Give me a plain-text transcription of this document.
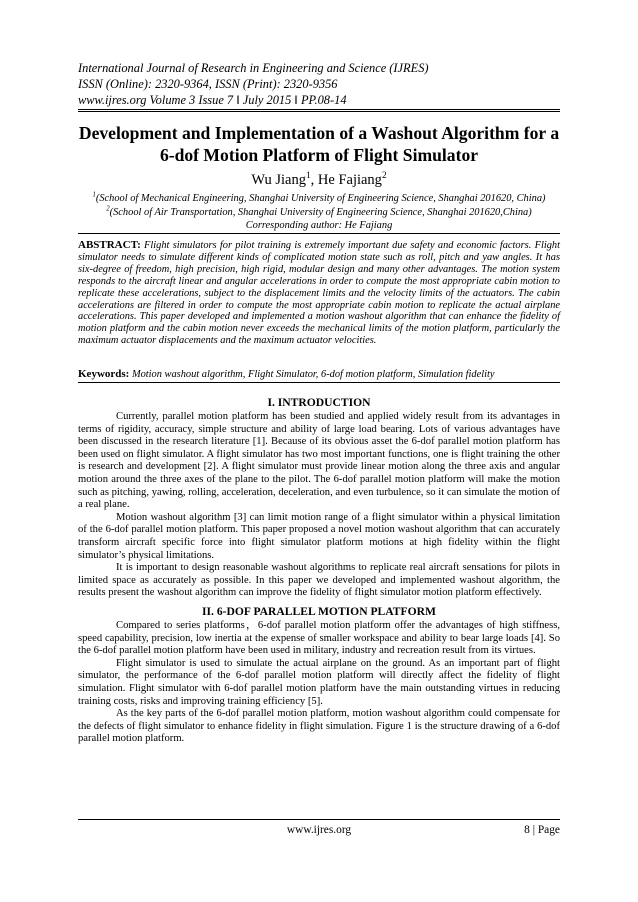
International Journal of Research in Engineering and Science (IJRES)
ISSN (Online): 2320-9364, ISSN (Print): 2320-9356
www.ijres.org Volume 3 Issue 7 ǁ July 2015 ǁ PP.08-14
Development and Implementation of a Washout Algorithm for a
6-dof Motion Platform of Flight Simulator
Wu Jiang$^1$, He Fajiang$^2$
$^1$(School of Mechanical Engineering, Shanghai University of Engineering Science, Shanghai 201620, China)
$^2$(School of Air Transportation, Shanghai University of Engineering Science, Shanghai 201620,China)
Corresponding author: He Fajiang
ABSTRACT: Flight simulators for pilot training is extremely important due safety and economic factors. Flight simulator needs to simulate different kinds of complicated motion state such as roll, pitch and yaw angles. It has six-degree of freedom, high precision, high rigid, modular design and many other advantages. The motion system responds to the aircraft linear and angular accelerations in order to compute the most appropriate cabin motion to replicate these accelerations, subject to the displacement limits and the velocity limits of the actuators. The cabin accelerations are filtered in order to compute the most appropriate cabin motion to replicate the actual airplane accelerations. This paper developed and implemented a motion washout algorithm that can enhance the fidelity of motion platform and the cabin motion never exceeds the mechanical limits of the motion platform, particularly the maximum actuator displacements and the maximum actuator velocities.
Keywords: Motion washout algorithm, Flight Simulator, 6-dof motion platform, Simulation fidelity
I. INTRODUCTION

Currently, parallel motion platform has been studied and applied widely result from its advantages in terms of rigidity, accuracy, simple structure and ability of large load bearing. Lots of various advantages have been discussed in the research literature [1]. Because of its obvious asset the 6-dof parallel motion platform has been used on flight simulator. A flight simulator has two most important functions, one is flight training the other is research and development [2]. A flight simulator must provide linear motion along the three axis and angular motion around the three axes of the plane to the pilot. The 6-dof parallel motion platform will make the motion such as pitching, yawing, rolling, acceleration, deceleration, and even turbulence, so it can simulate the motion of a real plane.

Motion washout algorithm [3] can limit motion range of a flight simulator within a physical limitation of the 6-dof parallel motion platform. This paper proposed a novel motion washout algorithm that can accurately transform aircraft specific force into flight simulator platform motions at high fidelity within the flight simulator’s physical limitations.

It is important to design reasonable washout algorithms to replicate real aircraft sensations for pilots in limited space as accurately as possible. In this paper we developed and implemented washout algorithm, the results present the washout algorithm can improve the fidelity of flight simulator motion platform effectively.

II. 6-DOF PARALLEL MOTION PLATFORM

Compared to series platforms，6-dof parallel motion platform offer the advantages of high stiffness, speed capability, precision, low inertia at the expense of smaller workspace and ability to bear large loads [4]. So the 6-dof parallel motion platform have been used in military, industry and recreation result from its virtues.

Flight simulator is used to simulate the actual airplane on the ground. As an important part of flight simulator, the performance of the 6-dof parallel motion platform will directly affect the fidelity of flight simulation. Flight simulator with 6-dof parallel motion platform have the main outstanding virtues in reducing training costs, risks and improving training efficiency [5].

As the key parts of the 6-dof parallel motion platform, motion washout algorithm could compensate for the defects of flight simulator to enhance fidelity in flight simulation. Figure 1 is the structure drawing of a 6-dof parallel motion platform.

www.ijres.org	8 | Page
